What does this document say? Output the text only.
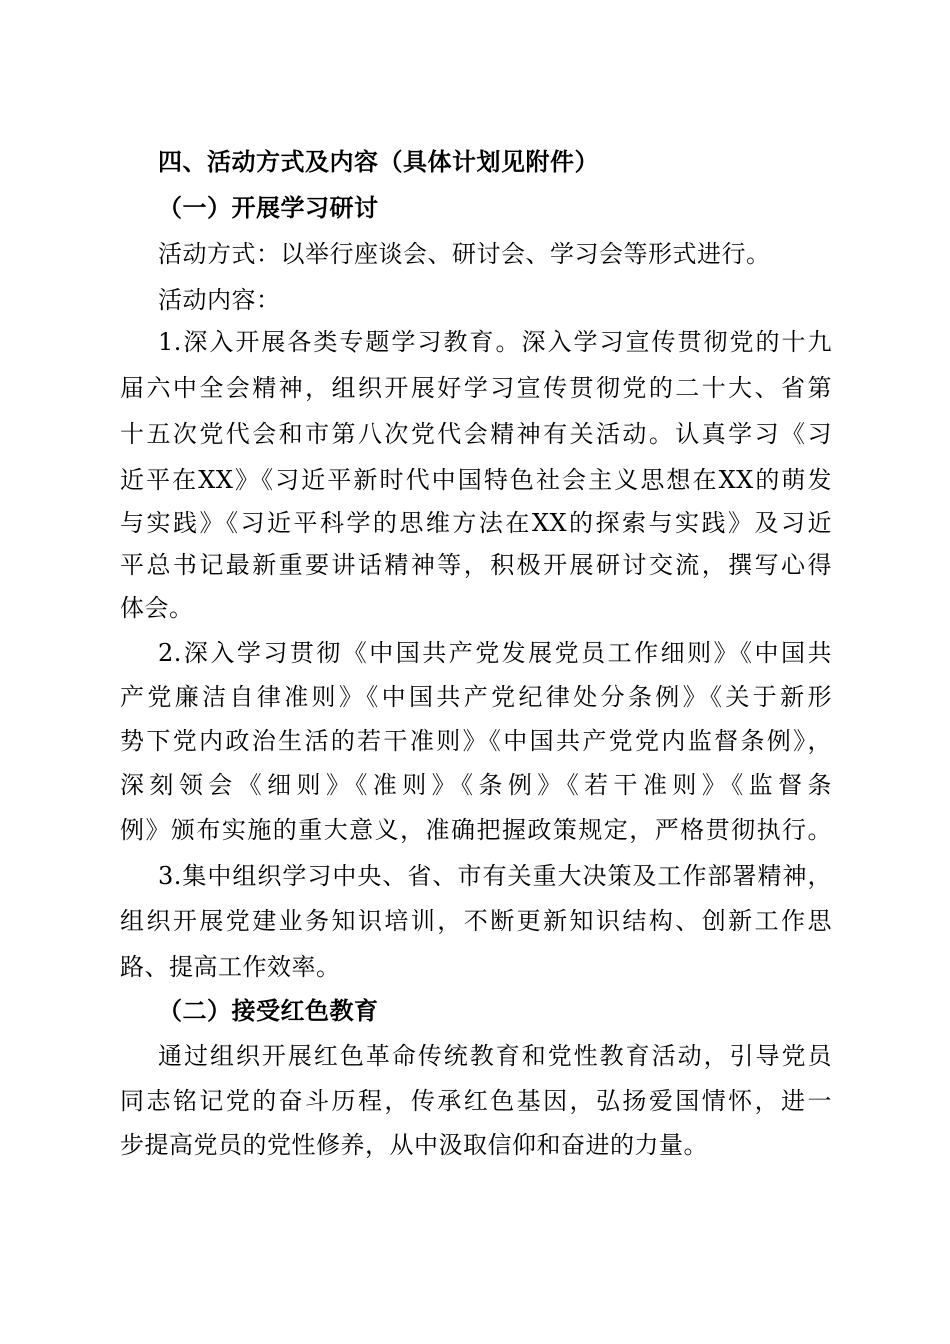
四、活动方式及内容（具体计划见附件）
（一）开展学习研讨
活动方式：以举行座谈会、研讨会、学习会等形式进行。
活动内容：
1.深入开展各类专题学习教育。深入学习宣传贯彻党的十九
届六中全会精神，组织开展好学习宣传贯彻党的二十大、省第
十五次党代会和市第八次党代会精神有关活动。认真学习《习
近平在XX》《习近平新时代中国特色社会主义思想在XX的萌发
与实践》《习近平科学的思维方法在XX的探索与实践》及习近
平总书记最新重要讲话精神等，积极开展研讨交流，撰写心得
体会。
2.深入学习贯彻《中国共产党发展党员工作细则》《中国共
产党廉洁自律准则》《中国共产党纪律处分条例》《关于新形
势下党内政治生活的若干准则》《中国共产党党内监督条例》，
深刻领会《细则》《准则》《条例》《若干准则》《监督条
例》颁布实施的重大意义，准确把握政策规定，严格贯彻执行。
3.集中组织学习中央、省、市有关重大决策及工作部署精神，
组织开展党建业务知识培训，不断更新知识结构、创新工作思
路、提高工作效率。
（二）接受红色教育
通过组织开展红色革命传统教育和党性教育活动，引导党员
同志铭记党的奋斗历程，传承红色基因，弘扬爱国情怀，进一
步提高党员的党性修养，从中汲取信仰和奋进的力量。
